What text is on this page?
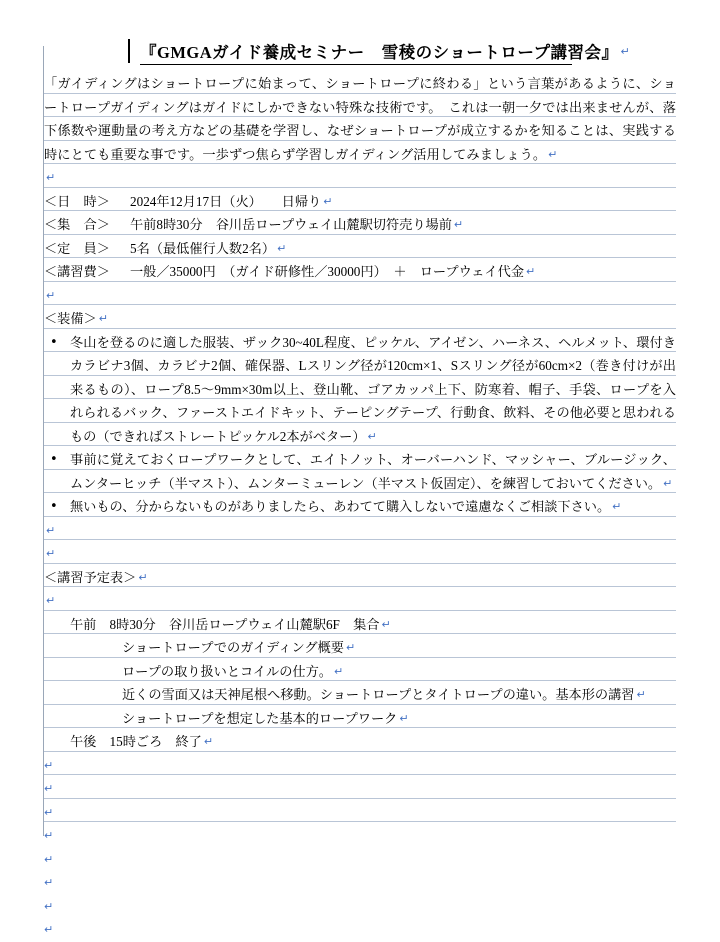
『GMGAガイド養成セミナー　雪稜のショートロープ講習会』 ↵

「ガイディングはショートロープに始まって、ショートロープに終わる」という言葉があるように、ショートロープガイディングはガイドにしかできない特殊な技術です。　これは一朝一夕では出来ませんが、落下係数や運動量の考え方などの基礎を学習し、なぜショートロープが成立するかを知ることは、実践する時にとても重要な事です。一歩ずつ焦らず学習しガイディング活用してみましょう。 ↵

↵
＜日　時＞ 2024年12月17日（火）　　日帰り ↵
＜集　合＞ 午前8時30分　谷川岳ロープウェイ山麓駅切符売り場前 ↵
＜定　員＞ 5名（最低催行人数2名） ↵
＜講習費＞ 一般／35000円　（ガイド研修性／30000円）　＋　ロープウェイ代金 ↵
↵
＜装備＞ ↵
• 冬山を登るのに適した服装、ザック30~40L程度、ピッケル、アイゼン、ハーネス、ヘルメット、環付きカラビナ3個、カラビナ2個、確保器、Lスリング径が120cm×1、Sスリング径が60cm×2（巻き付けが出来るもの）、ロープ8.5〜9mm×30m以上、登山靴、ゴアカッパ上下、防寒着、帽子、手袋、ロープを入れられるバック、ファーストエイドキット、テーピングテープ、行動食、飲料、その他必要と思われるもの（できればストレートピッケル2本がベター） ↵
• 事前に覚えておくロープワークとして、エイトノット、オーバーハンド、マッシャー、ブルージック、ムンターヒッチ（半マスト）、ムンターミューレン（半マスト仮固定）、を練習しておいてください。 ↵
• 無いもの、分からないものがありましたら、あわてて購入しないで遠慮なくご相談下さい。 ↵
↵
↵
＜講習予定表＞ ↵
↵
午前　8時30分　谷川岳ロープウェイ山麓駅6F　集合 ↵
ショートロープでのガイディング概要 ↵
ロープの取り扱いとコイルの仕方。 ↵
近くの雪面又は天神尾根へ移動。ショートロープとタイトロープの違い。基本形の講習 ↵
ショートロープを想定した基本的ロープワーク ↵
午後　15時ごろ　終了 ↵
↵
↵
↵
↵
↵
↵
↵
↵
